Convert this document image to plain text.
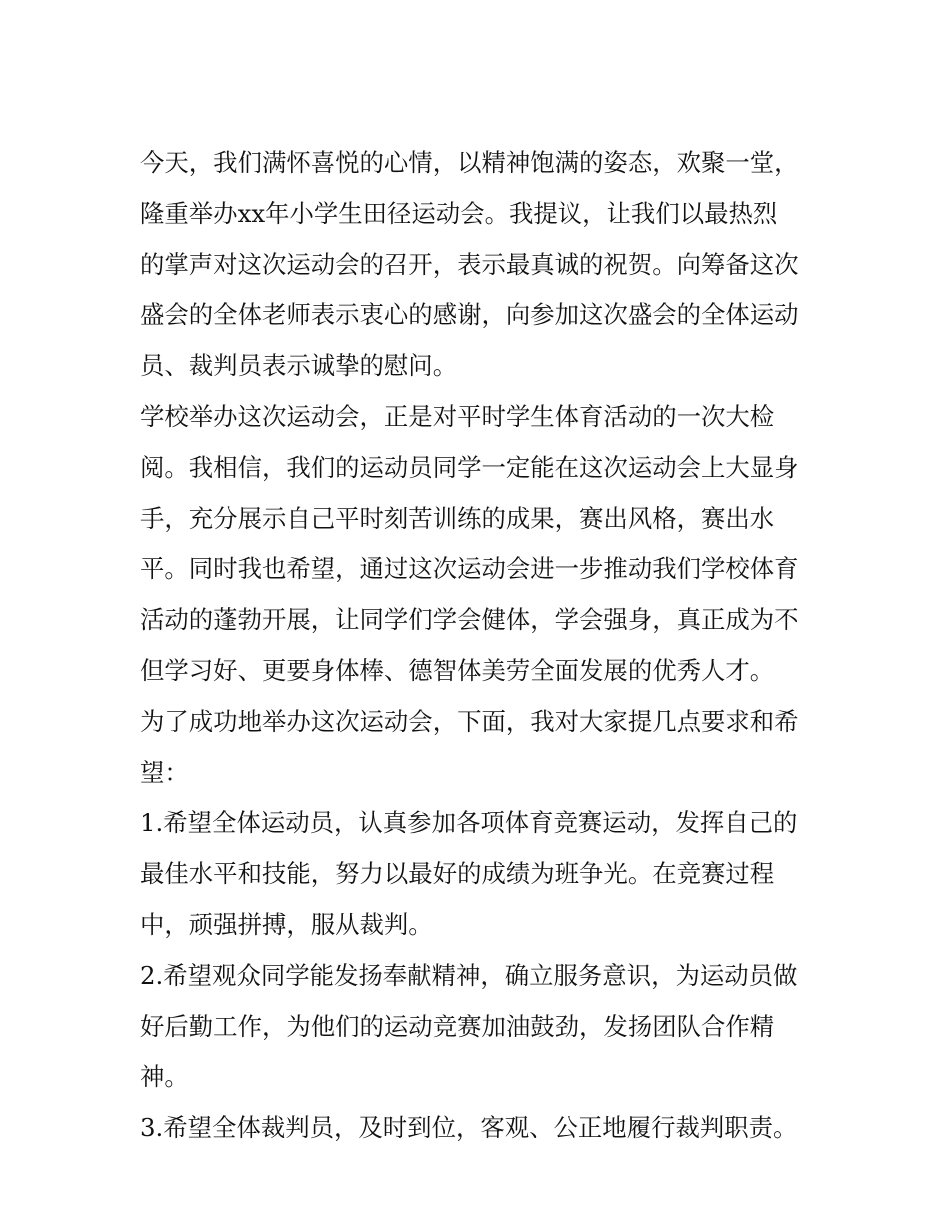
今天，我们满怀喜悦的心情，以精神饱满的姿态，欢聚一堂，
隆重举办xx年小学生田径运动会。我提议，让我们以最热烈
的掌声对这次运动会的召开，表示最真诚的祝贺。向筹备这次
盛会的全体老师表示衷心的感谢，向参加这次盛会的全体运动
员、裁判员表示诚挚的慰问。
学校举办这次运动会，正是对平时学生体育活动的一次大检
阅。我相信，我们的运动员同学一定能在这次运动会上大显身
手，充分展示自己平时刻苦训练的成果，赛出风格，赛出水
平。同时我也希望，通过这次运动会进一步推动我们学校体育
活动的蓬勃开展，让同学们学会健体，学会强身，真正成为不
但学习好、更要身体棒、德智体美劳全面发展的优秀人才。
为了成功地举办这次运动会，下面，我对大家提几点要求和希
望：
1.希望全体运动员，认真参加各项体育竞赛运动，发挥自己的
最佳水平和技能，努力以最好的成绩为班争光。在竞赛过程
中，顽强拼搏，服从裁判。
2.希望观众同学能发扬奉献精神，确立服务意识，为运动员做
好后勤工作，为他们的运动竞赛加油鼓劲，发扬团队合作精
神。
3.希望全体裁判员，及时到位，客观、公正地履行裁判职责。
